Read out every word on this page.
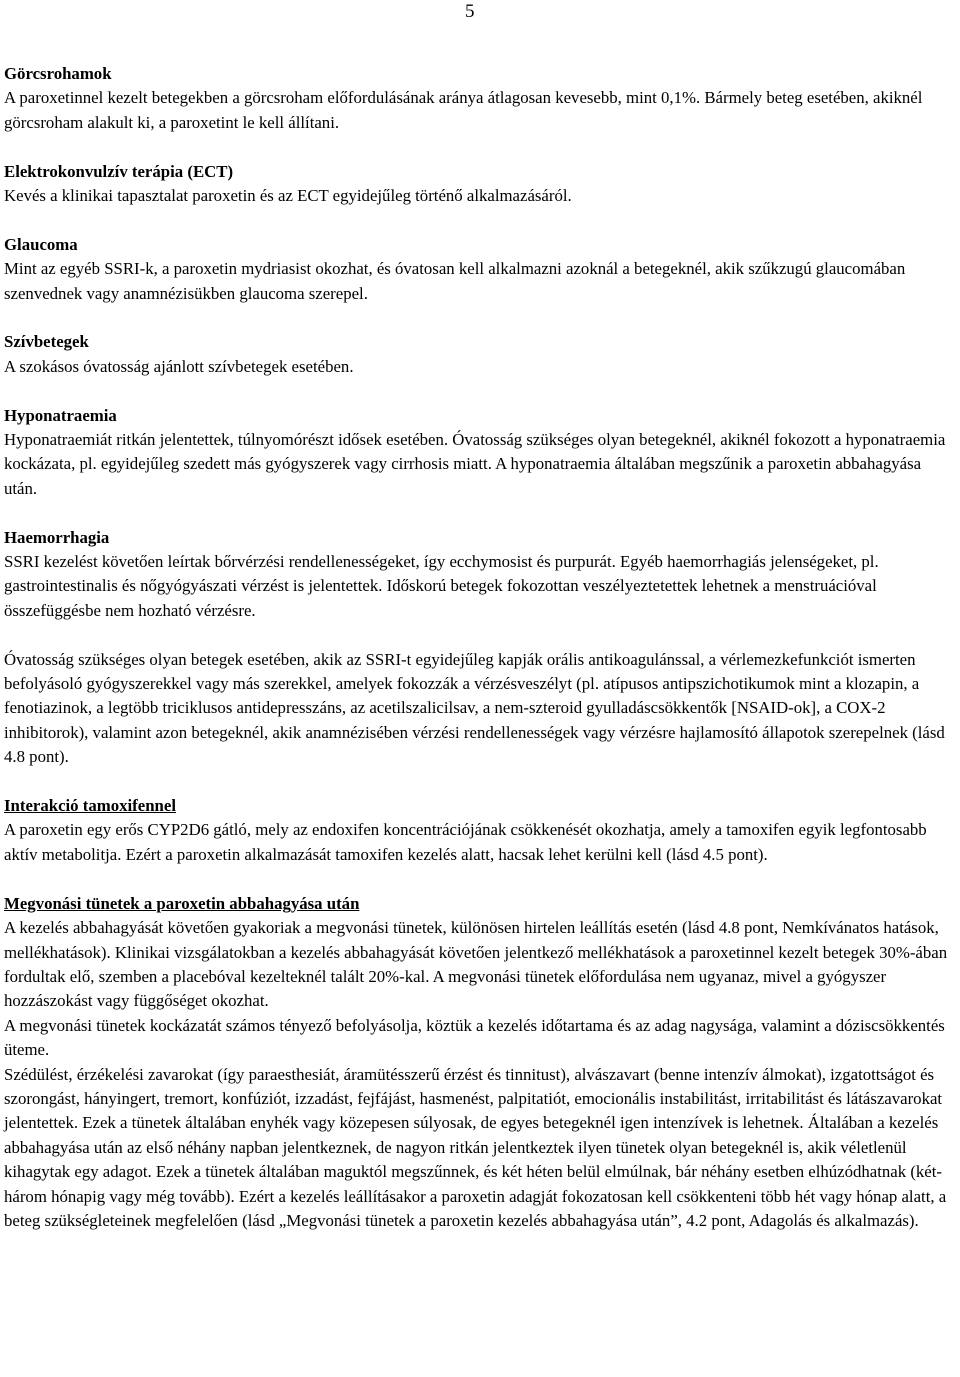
5
Görcsrohamok
A paroxetinnel kezelt betegekben a görcsroham előfordulásának aránya átlagosan kevesebb, mint 0,1%. Bármely beteg esetében, akiknél görcsroham alakult ki, a paroxetint le kell állítani.
Elektrokonvulzív terápia (ECT)
Kevés a klinikai tapasztalat paroxetin és az ECT egyidejűleg történő alkalmazásáról.
Glaucoma
Mint az egyéb SSRI-k, a paroxetin mydriasist okozhat, és óvatosan kell alkalmazni azoknál a betegeknél, akik szűkzugú glaucomában szenvednek vagy anamnézisükben glaucoma szerepel.
Szívbetegek
A szokásos óvatosság ajánlott szívbetegek esetében.
Hyponatraemia
Hyponatraemiát ritkán jelentettek, túlnyomórészt idősek esetében. Óvatosság szükséges olyan betegeknél, akiknél fokozott a hyponatraemia kockázata, pl. egyidejűleg szedett más gyógyszerek vagy cirrhosis miatt. A hyponatraemia általában megszűnik a paroxetin abbahagyása után.
Haemorrhagia
SSRI kezelést követően leírtak bőrvérzési rendellenességeket, így ecchymosist és purpurát. Egyéb haemorrhagiás jelenségeket, pl. gastrointestinalis és nőgyógyászati vérzést is jelentettek. Időskorú betegek fokozottan veszélyeztetettek lehetnek a menstruációval összefüggésbe nem hozható vérzésre.
Óvatosság szükséges olyan betegek esetében, akik az SSRI-t egyidejűleg kapják orális antikoagulánssal, a vérlemezkefunkciót ismerten befolyásoló gyógyszerekkel vagy más szerekkel, amelyek fokozzák a vérzésveszélyt (pl. atípusos antipszichotikumok mint a klozapin, a fenotiazinok, a legtöbb triciklusos antidepresszáns, az acetilszalicilsav, a nem-szteroid gyulladáscsökkentők [NSAID-ok], a COX-2 inhibitorok), valamint azon betegeknél, akik anamnézisében vérzési rendellenességek vagy vérzésre hajlamosító állapotok szerepelnek (lásd 4.8 pont).
Interakció tamoxifennel
A paroxetin egy erős CYP2D6 gátló, mely az endoxifen koncentrációjának csökkenését okozhatja, amely a tamoxifen egyik legfontosabb aktív metabolitja. Ezért a paroxetin alkalmazását tamoxifen kezelés alatt, hacsak lehet kerülni kell (lásd 4.5 pont).
Megvonási tünetek a paroxetin abbahagyása után
A kezelés abbahagyását követően gyakoriak a megvonási tünetek, különösen hirtelen leállítás esetén (lásd 4.8 pont, Nemkívánatos hatások, mellékhatások). Klinikai vizsgálatokban a kezelés abbahagyását követően jelentkező mellékhatások a paroxetinnel kezelt betegek 30%-ában fordultak elő, szemben a placebóval kezelteknél talált 20%-kal. A megvonási tünetek előfordulása nem ugyanaz, mivel a gyógyszer hozzászokást vagy függőséget okozhat.
A megvonási tünetek kockázatát számos tényező befolyásolja, köztük a kezelés időtartama és az adag nagysága, valamint a dóziscsökkentés üteme.
Szédülést, érzékelési zavarokat (így paraesthesiát, áramütésszerű érzést és tinnitust), alvászavart (benne intenzív álmokat), izgatottságot és szorongást, hányingert, tremort, konfúziót, izzadást, fejfájást, hasmenést, palpitatiót, emocionális instabilitást, irritabilitást és látászavarokat jelentettek. Ezek a tünetek általában enyhék vagy közepesen súlyosak, de egyes betegeknél igen intenzívek is lehetnek. Általában a kezelés abbahagyása után az első néhány napban jelentkeznek, de nagyon ritkán jelentkeztek ilyen tünetek olyan betegeknél is, akik véletlenül kihagytak egy adagot. Ezek a tünetek általában maguktól megszűnnek, és két héten belül elmúlnak, bár néhány esetben elhúzódhatnak (két-három hónapig vagy még tovább). Ezért a kezelés leállításakor a paroxetin adagját fokozatosan kell csökkenteni több hét vagy hónap alatt, a beteg szükségleteinek megfelelően (lásd „Megvonási tünetek a paroxetin kezelés abbahagyása után”, 4.2 pont, Adagolás és alkalmazás).
